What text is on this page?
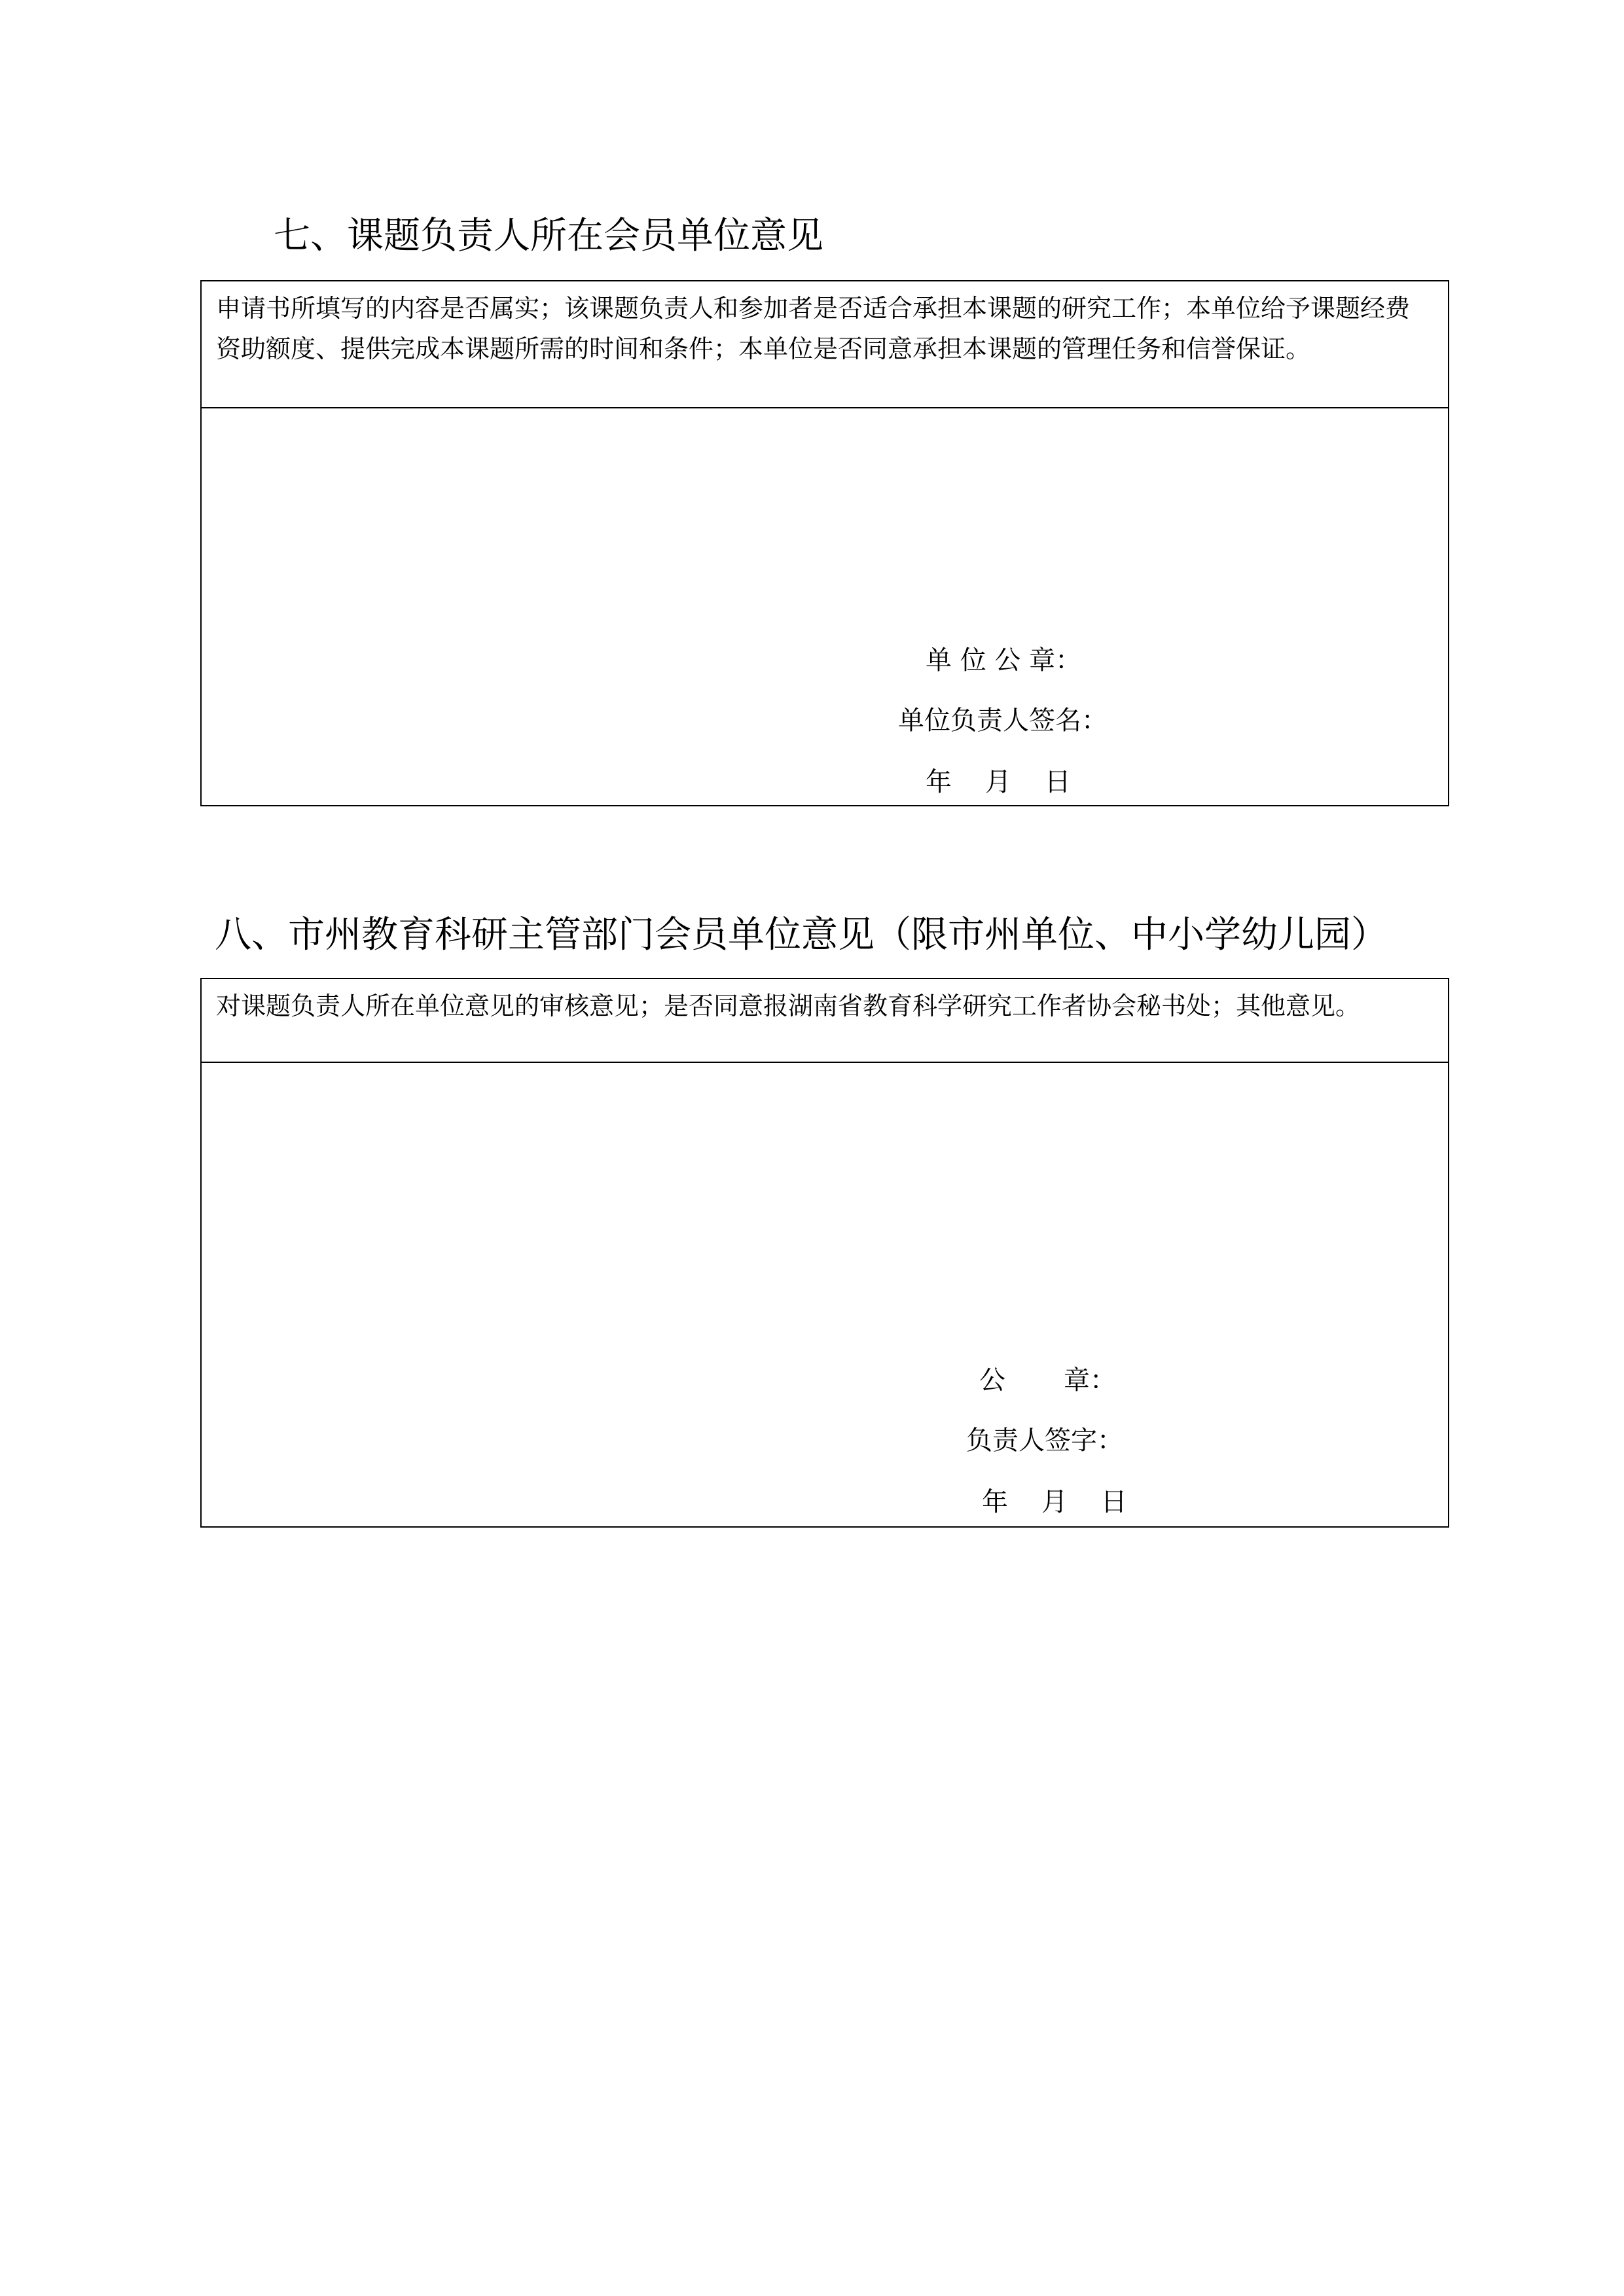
七、课题负责人所在会员单位意见
申请书所填写的内容是否属实；该课题负责人和参加者是否适合承担本课题的研究工作；本单位给予课题经费资助额度、提供完成本课题所需的时间和条件；本单位是否同意承担本课题的管理任务和信誉保证。
单 位 公 章：
单位负责人签名：
年    月    日
八、市州教育科研主管部门会员单位意见（限市州单位、中小学幼儿园）
对课题负责人所在单位意见的审核意见；是否同意报湖南省教育科学研究工作者协会秘书处；其他意见。
公       章：
负责人签字：
年    月    日
